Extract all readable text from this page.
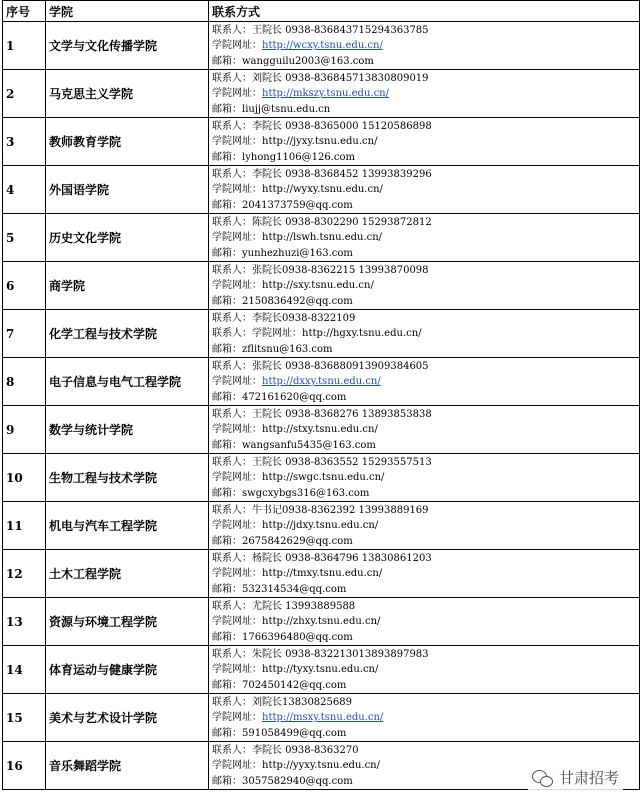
序号	学院	联系方式
1	文学与文化传播学院	联系人：王院长 0938-836843715294363785
学院网址：http://wcxy.tsnu.edu.cn/
邮箱：wangguilu2003@163.com

2	马克思主义学院	联系人：刘院长 0938-836845713830809019
学院网址：http://mkszy.tsnu.edu.cn/
邮箱：liujj@tsnu.edu.cn

3	教师教育学院	联系人：李院长 0938-8365000 15120586898
学院网址：http://jyxy.tsnu.edu.cn/
邮箱：lyhong1106@126.com

4	外国语学院	联系人：李院长 0938-8368452 13993839296
学院网址：http://wyxy.tsnu.edu.cn/
邮箱：2041373759@qq.com

5	历史文化学院	联系人：陈院长 0938-8302290 15293872812
学院网址：http://lswh.tsnu.edu.cn/
邮箱：yunhezhuzi@163.com

6	商学院	联系人：张院长0938-8362215 13993870098
学院网址：http://sxy.tsnu.edu.cn/
邮箱：2150836492@qq.com

7	化学工程与技术学院	联系人：李院长0938-8322109
联系人：学院网址：http://hgxy.tsnu.edu.cn/
邮箱：zflitsnu@163.com

8	电子信息与电气工程学院	联系人：张院长 0938-836880913909384605
学院网址：http://dxxy.tsnu.edu.cn/
邮箱：472161620@qq.com

9	数学与统计学院	联系人：王院长 0938-8368276 13893853838
学院网址：http://stxy.tsnu.edu.cn/
邮箱：wangsanfu5435@163.com

10	生物工程与技术学院	联系人：王院长 0938-8363552 15293557513
学院网址：http://swgc.tsnu.edu.cn/
邮箱：swgcxybgs316@163.com

11	机电与汽车工程学院	联系人：牛书记0938-8362392 13993889169
学院网址：http://jdxy.tsnu.edu.cn/
邮箱：2675842629@qq.com

12	土木工程学院	联系人：杨院长 0938-8364796 13830861203
学院网址：http://tmxy.tsnu.edu.cn/
邮箱：532314534@qq.com

13	资源与环境工程学院	联系人：尤院长 13993889588
学院网址：http://zhxy.tsnu.edu.cn/
邮箱：1766396480@qq.com

14	体育运动与健康学院	联系人：朱院长 0938-832213013893897983
学院网址：http://tyxy.tsnu.edu.cn/
邮箱：702450142@qq.com

15	美术与艺术设计学院	联系人：刘院长13830825689
学院网址：http://msxy.tsnu.edu.cn/
邮箱：591058499@qq.com

16	音乐舞蹈学院	联系人：李院长 0938-8363270
学院网址：http://yyxy.tsnu.edu.cn/
邮箱：3057582940@qq.com	甘肃招考
